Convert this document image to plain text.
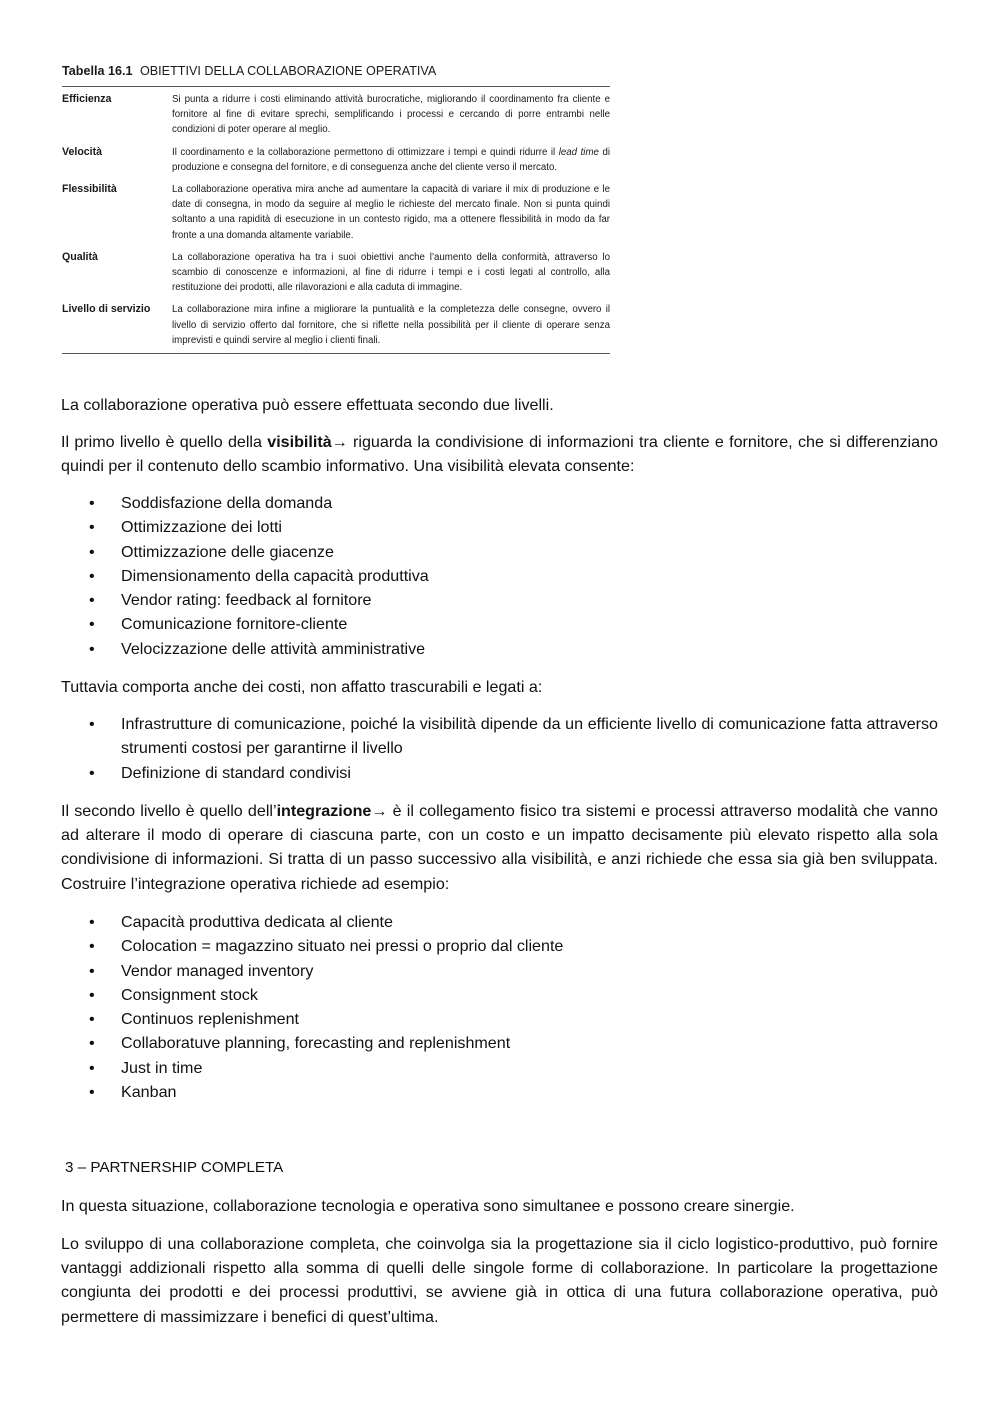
Tabella 16.1 OBIETTIVI DELLA COLLABORAZIONE OPERATIVA
Efficienza	Si punta a ridurre i costi eliminando attività burocratiche, migliorando il coordinamento fra cliente e fornitore al fine di evitare sprechi, semplificando i processi e cercando di porre entrambi nelle condizioni di poter operare al meglio.
Velocità	Il coordinamento e la collaborazione permettono di ottimizzare i tempi e quindi ridurre il lead time di produzione e consegna del fornitore, e di conseguenza anche del cliente verso il mercato.
Flessibilità	La collaborazione operativa mira anche ad aumentare la capacità di variare il mix di produzione e le date di consegna, in modo da seguire al meglio le richieste del mercato finale. Non si punta quindi soltanto a una rapidità di esecuzione in un contesto rigido, ma a ottenere flessibilità in modo da far fronte a una domanda altamente variabile.
Qualità	La collaborazione operativa ha tra i suoi obiettivi anche l’aumento della conformità, attraverso lo scambio di conoscenze e informazioni, al fine di ridurre i tempi e i costi legati al controllo, alla restituzione dei prodotti, alle rilavorazioni e alla caduta di immagine.
Livello di servizio	La collaborazione mira infine a migliorare la puntualità e la completezza delle consegne, ovvero il livello di servizio offerto dal fornitore, che si riflette nella possibilità per il cliente di operare senza imprevisti e quindi servire al meglio i clienti finali.

La collaborazione operativa può essere effettuata secondo due livelli.

Il primo livello è quello della visibilità→ riguarda la condivisione di informazioni tra cliente e fornitore, che si differenziano quindi per il contenuto dello scambio informativo. Una visibilità elevata consente:

• Soddisfazione della domanda
• Ottimizzazione dei lotti
• Ottimizzazione delle giacenze
• Dimensionamento della capacità produttiva
• Vendor rating: feedback al fornitore
• Comunicazione fornitore-cliente
• Velocizzazione delle attività amministrative

Tuttavia comporta anche dei costi, non affatto trascurabili e legati a:

• Infrastrutture di comunicazione, poiché la visibilità dipende da un efficiente livello di comunicazione fatta attraverso strumenti costosi per garantirne il livello
• Definizione di standard condivisi

Il secondo livello è quello dell’integrazione→ è il collegamento fisico tra sistemi e processi attraverso modalità che vanno ad alterare il modo di operare di ciascuna parte, con un costo e un impatto decisamente più elevato rispetto alla sola condivisione di informazioni. Si tratta di un passo successivo alla visibilità, e anzi richiede che essa sia già ben sviluppata. Costruire l’integrazione operativa richiede ad esempio:

• Capacità produttiva dedicata al cliente
• Colocation = magazzino situato nei pressi o proprio dal cliente
• Vendor managed inventory
• Consignment stock
• Continuos replenishment
• Collaboratuve planning, forecasting and replenishment
• Just in time
• Kanban
3 – PARTNERSHIP COMPLETA

In questa situazione, collaborazione tecnologia e operativa sono simultanee e possono creare sinergie.

Lo sviluppo di una collaborazione completa, che coinvolga sia la progettazione sia il ciclo logistico-produttivo, può fornire vantaggi addizionali rispetto alla somma di quelli delle singole forme di collaborazione. In particolare la progettazione congiunta dei prodotti e dei processi produttivi, se avviene già in ottica di una futura collaborazione operativa, può permettere di massimizzare i benefici di quest’ultima.
